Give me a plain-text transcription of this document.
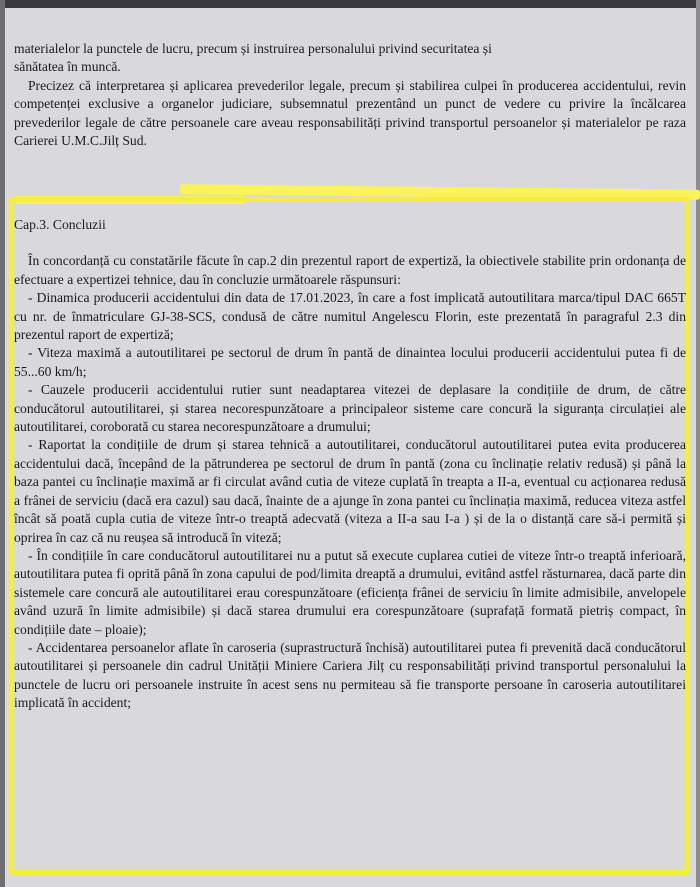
materialelor la punctele de lucru, precum și instruirea personalului privind securitatea și
sănătatea în muncă.

Precizez că interpretarea și aplicarea prevederilor legale, precum și stabilirea culpei în producerea accidentului, revin competenței exclusive a organelor judiciare, subsemnatul prezentând un punct de vedere cu privire la încălcarea prevederilor legale de către persoanele care aveau responsabilități privind transportul persoanelor și materialelor pe raza Carierei U.M.C.Jilț Sud.

Cap.3. Concluzii

În concordanță cu constatările făcute în cap.2 din prezentul raport de expertiză, la obiectivele stabilite prin ordonanța de efectuare a expertizei tehnice, dau în concluzie următoarele răspunsuri:

- Dinamica producerii accidentului din data de 17.01.2023, în care a fost implicată autoutilitara marca/tipul DAC 665T cu nr. de înmatriculare GJ-38-SCS, condusă de către numitul Angelescu Florin, este prezentată în paragraful 2.3 din prezentul raport de expertiză;

- Viteza maximă a autoutilitarei pe sectorul de drum în pantă de dinaintea locului producerii accidentului putea fi de 55...60 km/h;

- Cauzele producerii accidentului rutier sunt neadaptarea vitezei de deplasare la condițiile de drum, de către conducătorul autoutilitarei, și starea necorespunzătoare a principaleor sisteme care concură la siguranța circulației ale autoutilitarei, coroborată cu starea necorespunzătoare a drumului;

- Raportat la condițiile de drum și starea tehnică a autoutilitarei, conducătorul autoutilitarei putea evita producerea accidentului dacă, începând de la pătrunderea pe sectorul de drum în pantă (zona cu înclinație relativ redusă) și până la baza pantei cu înclinație maximă ar fi circulat având cutia de viteze cuplată în treapta a II-a, eventual cu acționarea redusă a frânei de serviciu (dacă era cazul) sau dacă, înainte de a ajunge în zona pantei cu înclinația maximă, reducea viteza astfel încât să poată cupla cutia de viteze într-o treaptă adecvată (viteza a II-a sau I-a ) și de la o distanță care să-i permită și oprirea în caz că nu reușea să introducă în viteză;

- În condițiile în care conducătorul autoutilitarei nu a putut să execute cuplarea cutiei de viteze într-o treaptă inferioară, autoutilitara putea fi oprită până în zona capului de pod/limita dreaptă a drumului, evitând astfel răsturnarea, dacă parte din sistemele care concură ale autoutilitarei erau corespunzătoare (eficiența frânei de serviciu în limite admisibile, anvelopele având uzură în limite admisibile) și dacă starea drumului era corespunzătoare (suprafață formată pietriș compact, în condițiile date – ploaie);

- Accidentarea persoanelor aflate în caroseria (suprastructură închisă) autoutilitarei putea fi prevenită dacă conducătorul autoutilitarei și persoanele din cadrul Unității Miniere Cariera Jilț cu responsabilități privind transportul personalului la punctele de lucru ori persoanele instruite în acest sens nu permiteau să fie transporte persoane în caroseria autoutilitarei implicată în accident;
